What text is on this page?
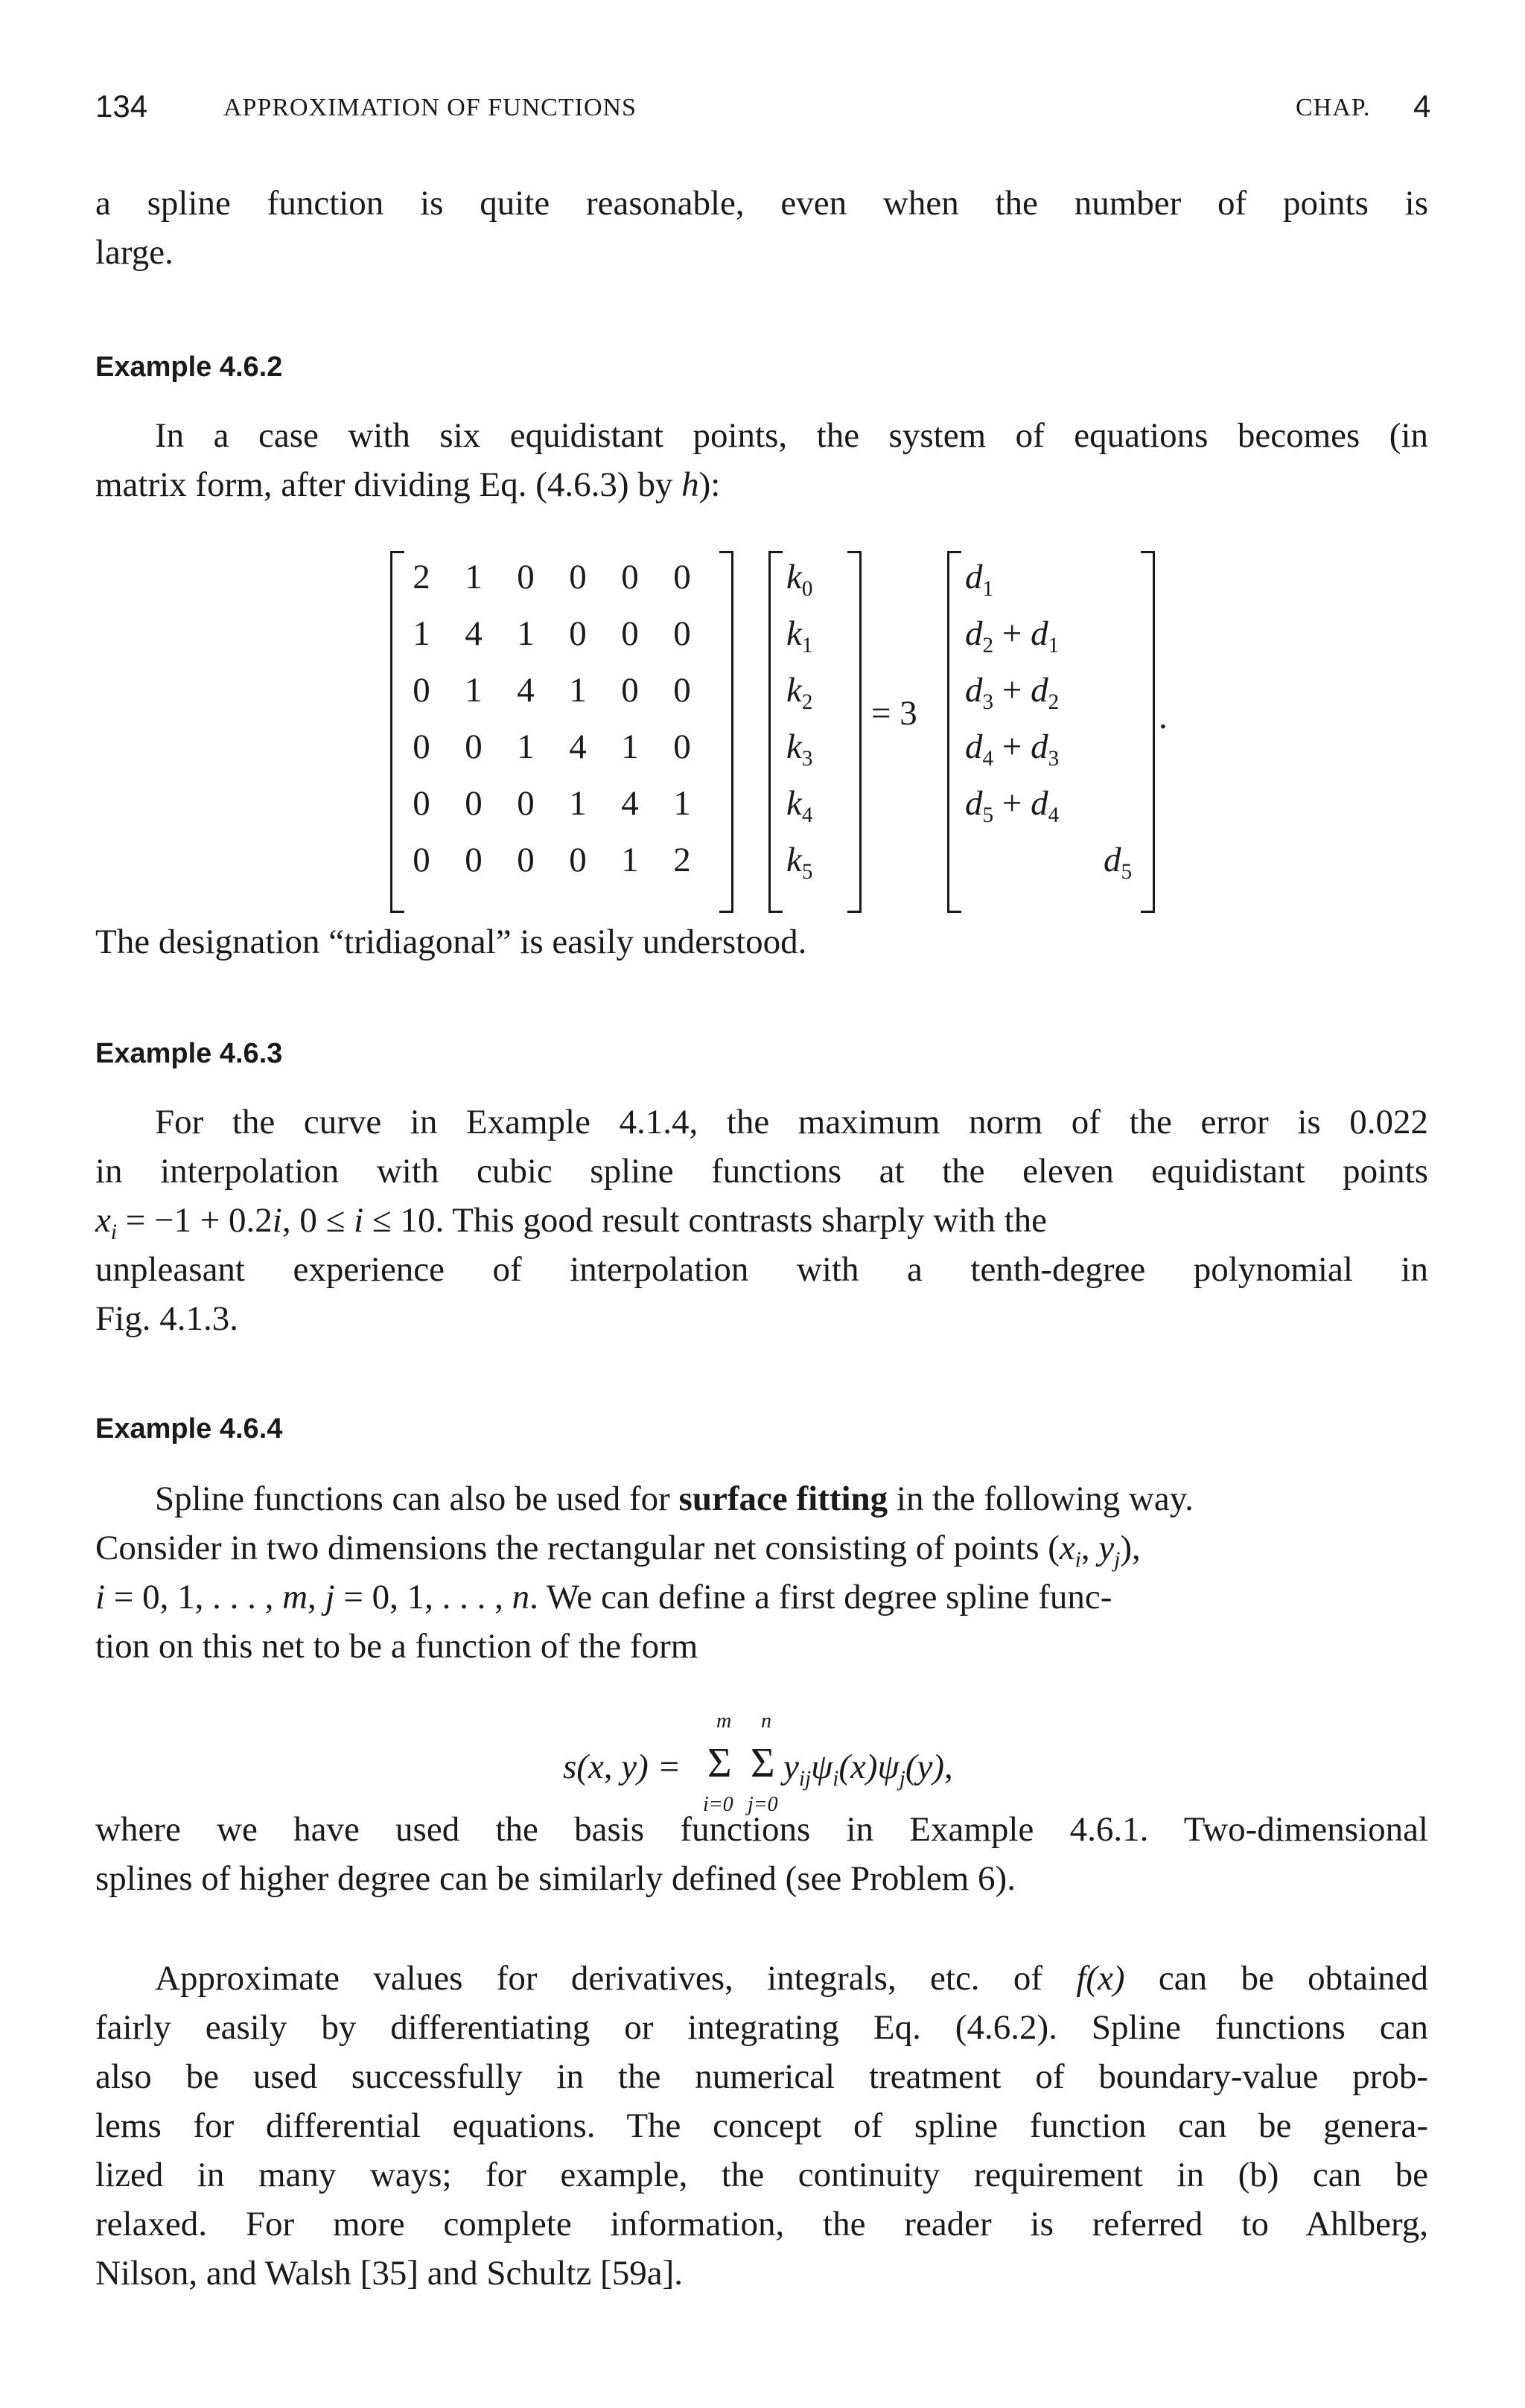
134	APPROXIMATION OF FUNCTIONS	CHAP. 4
a spline function is quite reasonable, even when the number of points is
large.
Example 4.6.2
In a case with six equidistant points, the system of equations becomes (in
matrix form, after dividing Eq. (4.6.3) by h):
2 1 0 0 0 0
1 4 1 0 0 0
0 1 4 1 0 0
0 0 1 4 1 0
0 0 0 1 4 1
0 0 0 0 1 2
$k_0$
$k_1$
$k_2$
$k_3$
$k_4$
$k_5$
= 3
$d_1$
$d_2 + d_1$
$d_3 + d_2$
$d_4 + d_3$
$d_5 + d_4$
$d_5$
.
The designation “tridiagonal” is easily understood.
Example 4.6.3
For the curve in Example 4.1.4, the maximum norm of the error is 0.022
in interpolation with cubic spline functions at the eleven equidistant points
$x_i = -1 + 0.2i$, 0 ≤ i ≤ 10. This good result contrasts sharply with the
unpleasant experience of interpolation with a tenth-degree polynomial in
Fig. 4.1.3.
Example 4.6.4
Spline functions can also be used for surface fitting in the following way.
Consider in two dimensions the rectangular net consisting of points ($x_i$, $y_j$),
i = 0, 1, . . . , m, j = 0, 1, . . . , n. We can define a first degree spline func-
tion on this net to be a function of the form
s(x, y) =
m
Σ
i=0
n
Σ
j=0
$y_{ij}\psi_i(x)\psi_j(y)$,
where we have used the basis functions in Example 4.6.1. Two-dimensional
splines of higher degree can be similarly defined (see Problem 6).
Approximate values for derivatives, integrals, etc. of f(x) can be obtained
fairly easily by differentiating or integrating Eq. (4.6.2). Spline functions can
also be used successfully in the numerical treatment of boundary-value prob-
lems for differential equations. The concept of spline function can be genera-
lized in many ways; for example, the continuity requirement in (b) can be
relaxed. For more complete information, the reader is referred to Ahlberg,
Nilson, and Walsh [35] and Schultz [59a].
